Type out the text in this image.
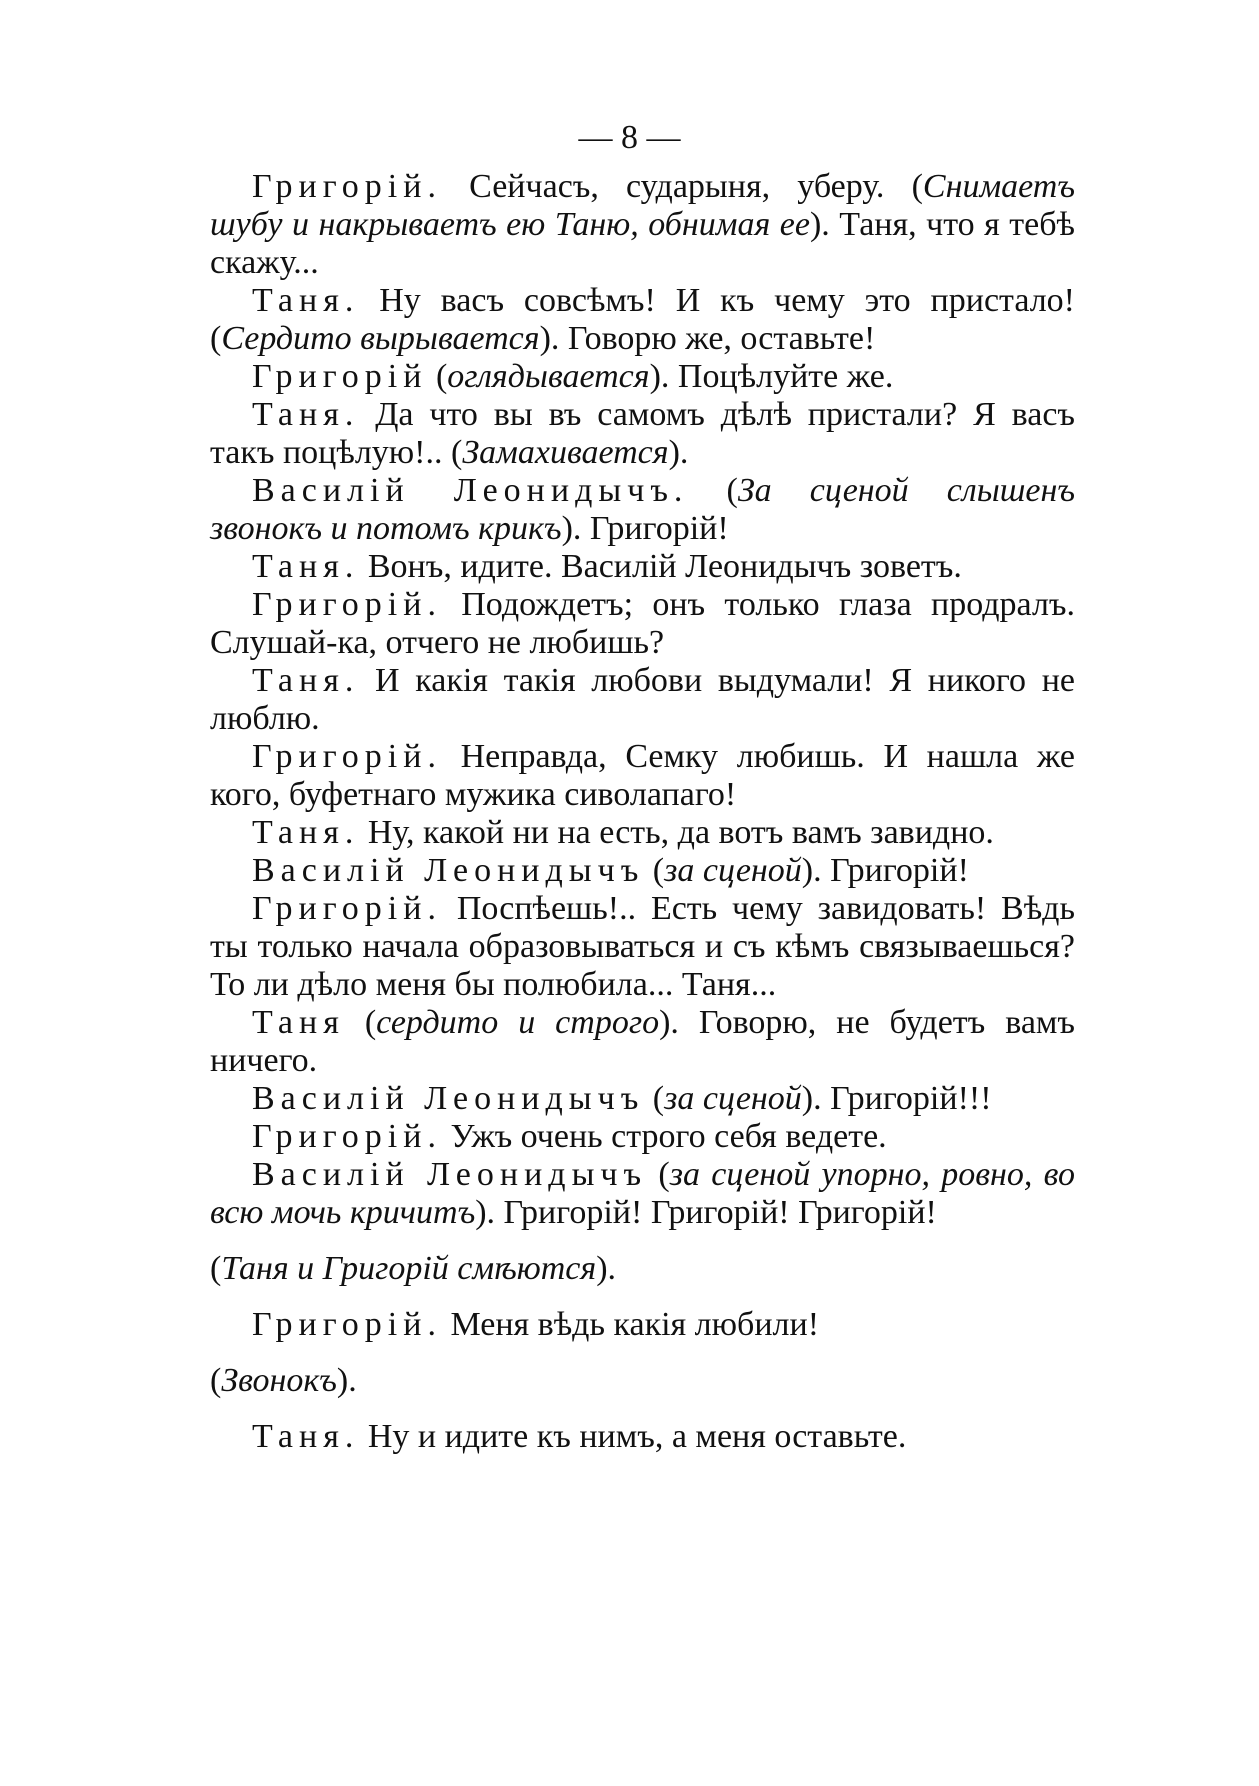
— 8 —

Григорій. Сейчасъ, сударыня, уберу. (Снимаетъ шубу и накрываетъ ею Таню, обнимая ее). Таня, что я тебѣ скажу...

Таня. Ну васъ совсѣмъ! И къ чему это пристало! (Сердито вырывается). Говорю же, оставьте!

Григорій (оглядывается). Поцѣлуйте же.

Таня. Да что вы въ самомъ дѣлѣ пристали? Я васъ такъ поцѣлую!.. (Замахивается).

Василій Леонидычъ. (За сценой слышенъ звонокъ и потомъ крикъ). Григорій!

Таня. Вонъ, идите. Василій Леонидычъ зоветъ.

Григорій. Подождетъ; онъ только глаза продралъ. Слушай-ка, отчего не любишь?

Таня. И какія такія любови выдумали! Я никого не люблю.

Григорій. Неправда, Семку любишь. И нашла же кого, буфетнаго мужика сиволапаго!

Таня. Ну, какой ни на есть, да вотъ вамъ завидно.

Василій Леонидычъ (за сценой). Григорій!

Григорій. Поспѣешь!.. Есть чему завидовать! Вѣдь ты только начала образовываться и съ кѣмъ связываешься? То ли дѣло меня бы полюбила... Таня...

Таня (сердито и строго). Говорю, не будетъ вамъ ничего.

Василій Леонидычъ (за сценой). Григорій!!!

Григорій. Ужъ очень строго себя ведете.

Василій Леонидычъ (за сценой упорно, ровно, во всю мочь кричитъ). Григорій! Григорій! Григорій!

(Таня и Григорій смѣются).

Григорій. Меня вѣдь какія любили!

(Звонокъ).

Таня. Ну и идите къ нимъ, а меня оставьте.
